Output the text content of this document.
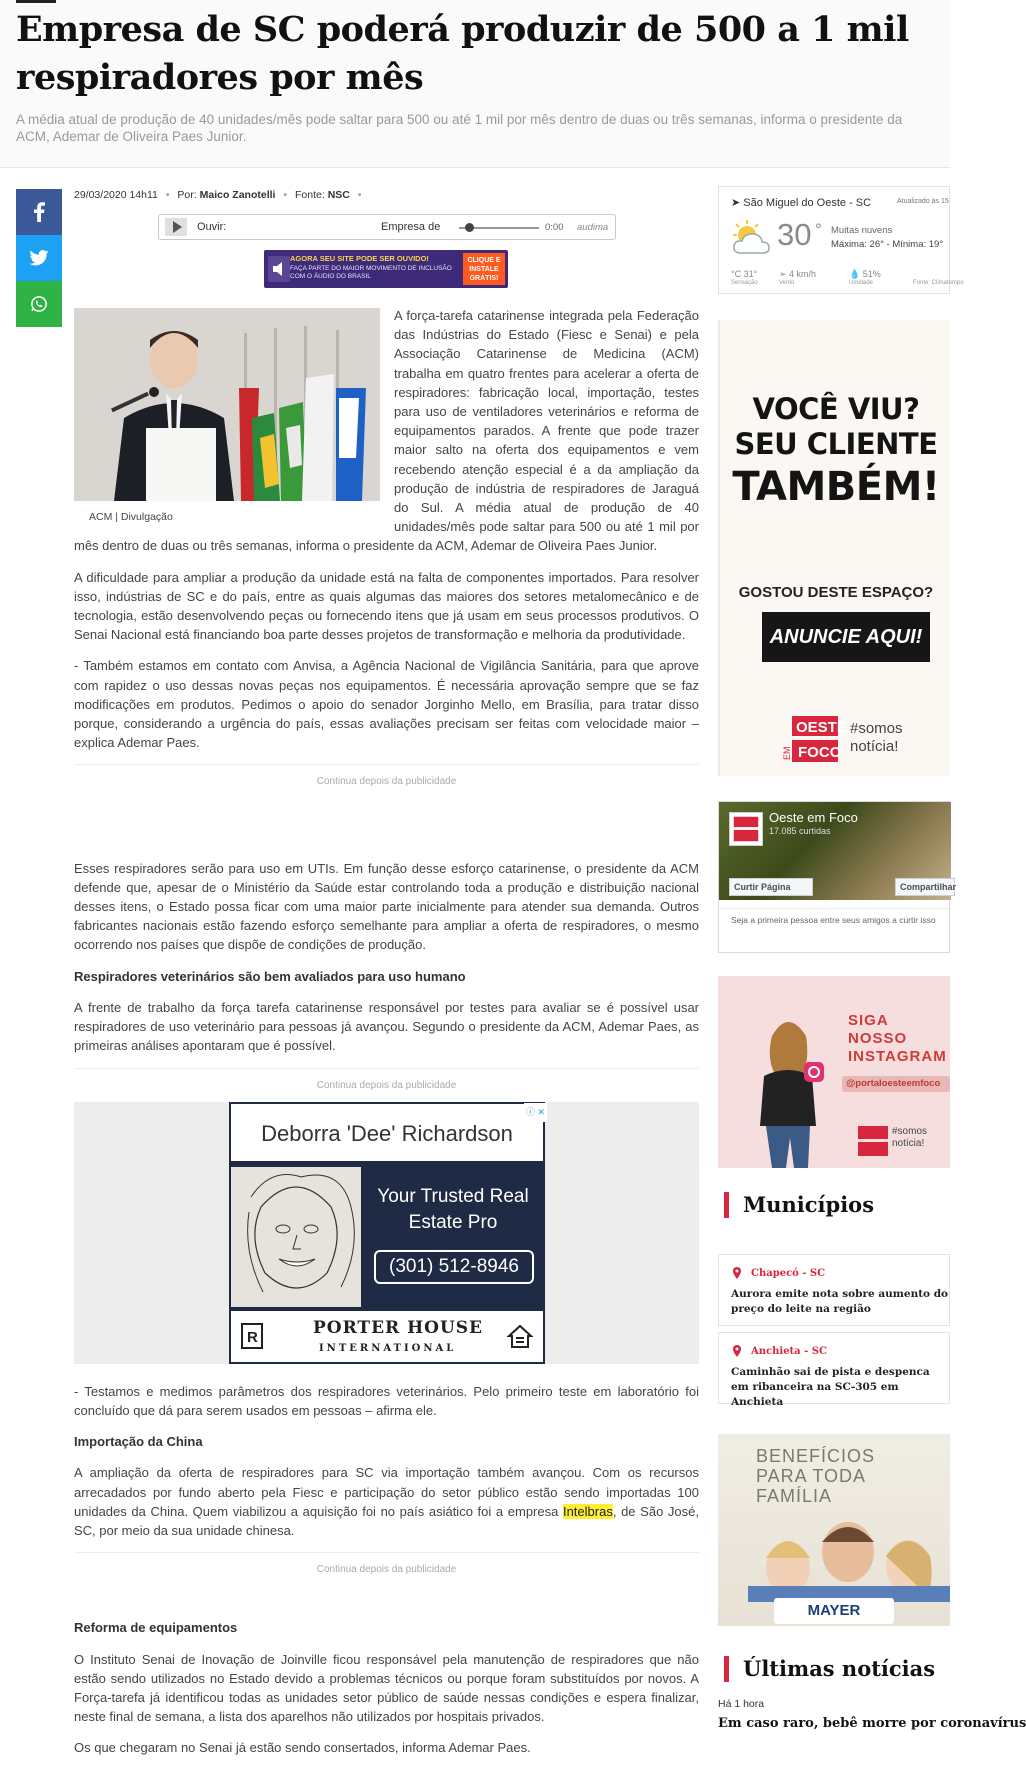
Empresa de SC poderá produzir de 500 a 1 mil respiradores por mês
A média atual de produção de 40 unidades/mês pode saltar para 500 ou até 1 mil por mês dentro de duas ou três semanas, informa o presidente da ACM, Ademar de Oliveira Paes Junior.
29/03/2020 14h11 • Por: Maico Zanotelli • Fonte: NSC •
Ouvir:	Empresa de	0:00 audima
AGORA SEU SITE PODE SER OUVIDO!
FAÇA PARTE DO MAIOR MOVIMENTO DE INCLUSÃO COM O ÁUDIO DO BRASIL
CLIQUE E INSTALE GRÁTIS!
ACM | Divulgação

A força-tarefa catarinense integrada pela Federação das Indústrias do Estado (Fiesc e Senai) e pela Associação Catarinense de Medicina (ACM) trabalha em quatro frentes para acelerar a oferta de respiradores: fabricação local, importação, testes para uso de ventiladores veterinários e reforma de equipamentos parados. A frente que pode trazer maior salto na oferta dos equipamentos e vem recebendo atenção especial é a da ampliação da produção de indústria de respiradores de Jaraguá do Sul. A média atual de produção de 40 unidades/mês pode saltar para 500 ou até 1 mil por mês dentro de duas ou três semanas, informa o presidente da ACM, Ademar de Oliveira Paes Junior.

A dificuldade para ampliar a produção da unidade está na falta de componentes importados. Para resolver isso, indústrias de SC e do país, entre as quais algumas das maiores dos setores metalomecânico e de tecnologia, estão desenvolvendo peças ou fornecendo itens que já usam em seus processos produtivos. O Senai Nacional está financiando boa parte desses projetos de transformação e melhoria da produtividade.

- Também estamos em contato com Anvisa, a Agência Nacional de Vigilância Sanitária, para que aprove com rapidez o uso dessas novas peças nos equipamentos. É necessária aprovação sempre que se faz modificações em produtos. Pedimos o apoio do senador Jorginho Mello, em Brasília, para tratar disso porque, considerando a urgência do país, essas avaliações precisam ser feitas com velocidade maior – explica Ademar Paes.

Continua depois da publicidade

Esses respiradores serão para uso em UTIs. Em função desse esforço catarinense, o presidente da ACM defende que, apesar de o Ministério da Saúde estar controlando toda a produção e distribuição nacional desses itens, o Estado possa ficar com uma maior parte inicialmente para atender sua demanda. Outros fabricantes nacionais estão fazendo esforço semelhante para ampliar a oferta de respiradores, o mesmo ocorrendo nos países que dispõe de condições de produção.

Respiradores veterinários são bem avaliados para uso humano

A frente de trabalho da força tarefa catarinense responsável por testes para avaliar se é possível usar respiradores de uso veterinário para pessoas já avançou. Segundo o presidente da ACM, Ademar Paes, as primeiras análises apontaram que é possível.

Continua depois da publicidade
Deborra 'Dee' Richardson
Your Trusted Real Estate Pro
(301) 512-8946
R	PORTER HOUSE
INTERNATIONAL
ⓘ ✕

- Testamos e medimos parâmetros dos respiradores veterinários. Pelo primeiro teste em laboratório foi concluído que dá para serem usados em pessoas – afirma ele.

Importação da China

A ampliação da oferta de respiradores para SC via importação também avançou. Com os recursos arrecadados por fundo aberto pela Fiesc e participação do setor público estão sendo importadas 100 unidades da China. Quem viabilizou a aquisição foi no país asiático foi a empresa Intelbras, de São José, SC, por meio da sua unidade chinesa.

Continua depois da publicidade
Reforma de equipamentos

O Instituto Senai de Inovação de Joinville ficou responsável pela manutenção de respiradores que não estão sendo utilizados no Estado devido a problemas técnicos ou porque foram substituídos por novos. A Força-tarefa já identificou todas as unidades setor público de saúde nessas condições e espera finalizar, neste final de semana, a lista dos aparelhos não utilizados por hospitais privados.

Os que chegaram no Senai já estão sendo consertados, informa Ademar Paes.

➤ São Miguel do Oeste - SC	Atualizado às 15
30 ° Muitas nuvens
Máxima: 26° - Mínima: 19°
°C 31°
Sensação
➢ 4 km/h
Vento
💧 51%
Umidade	Fonte: Climatempo
VOCÊ VIU?
SEU CLIENTE
TAMBÉM!
GOSTOU DESTE ESPAÇO?
ANUNCIE AQUI!
OESTE
FOCO
EM
#somos notícia!
Oeste em Foco
17.085 curtidas
Curtir Página	Compartilhar
Seja a primeira pessoa entre seus amigos a curtir isso
SIGA NOSSO INSTAGRAM
@portaloesteemfoco
#somos notícia!
Municípios
Chapecó - SC
Aurora emite nota sobre aumento do preço do leite na região
Anchieta - SC
Caminhão sai de pista e despenca em ribanceira na SC-305 em Anchieta
BENEFÍCIOS PARA TODA FAMÍLIA
MAYER
Últimas notícias
Há 1 hora
Em caso raro, bebê morre por coronavírus
